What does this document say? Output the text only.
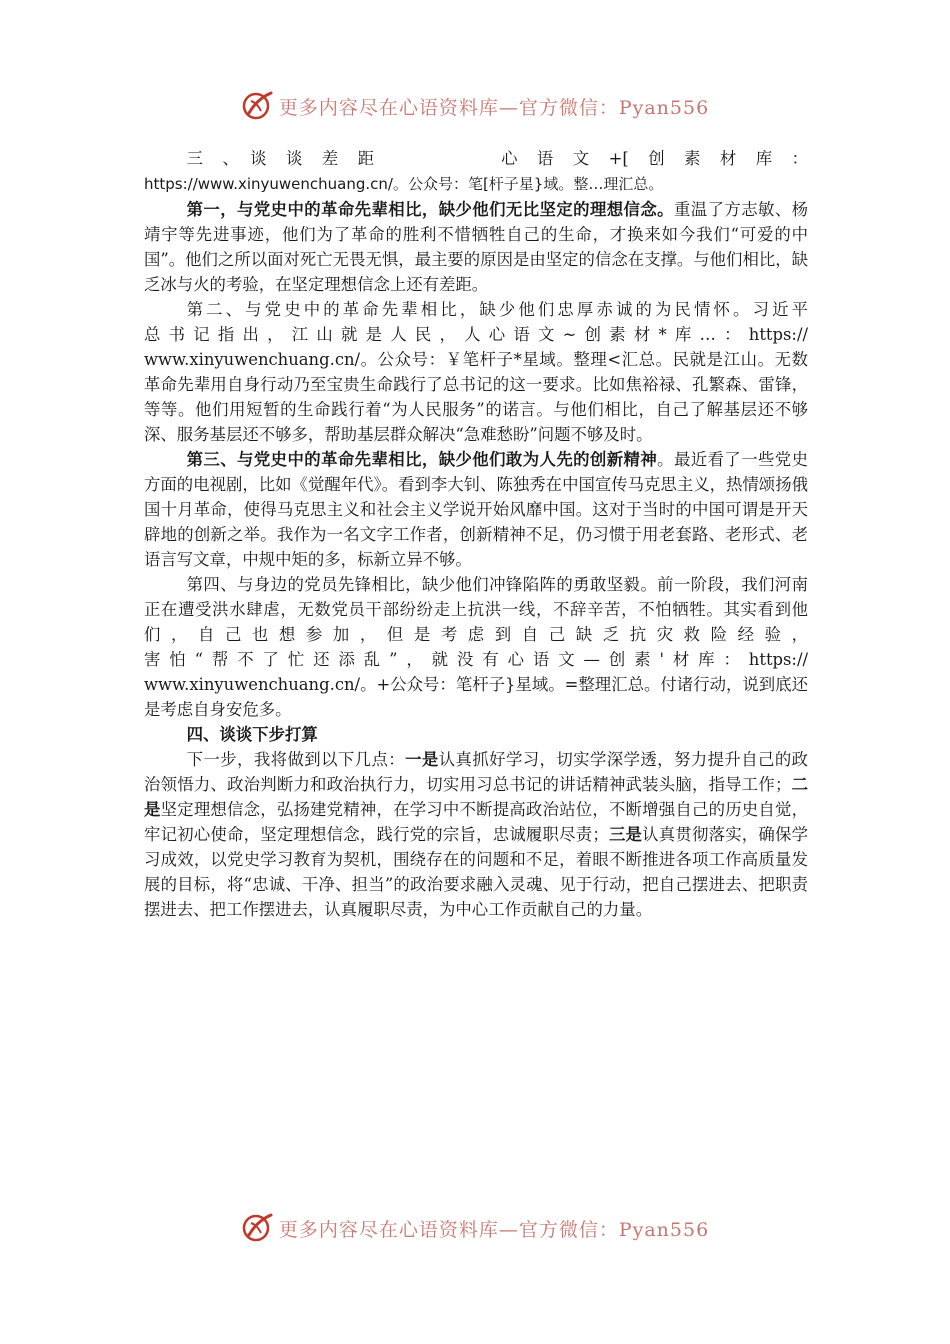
更多内容尽在心语资料库—官方微信：Pyan556

三　、　谈　谈　差　距　　　　　　　心　语　文　+[　创　素　材　库　：

https://www.xinyuwenchuang.cn/。公众号：笔[杆子星}域。整…理汇总。

第一，与党史中的革命先辈相比，缺少他们无比坚定的理想信念。重温了方志敏、杨靖宇等先进事迹，他们为了革命的胜利不惜牺牲自己的生命，才换来如今我们“可爱的中国”。他们之所以面对死亡无畏无惧，最主要的原因是由坚定的信念在支撑。与他们相比，缺乏冰与火的考验，在坚定理想信念上还有差距。

第二、与党史中的革命先辈相比，缺少他们忠厚赤诚的为民情怀。习近平

总书记指出，江山就是人民，人心语文~创素材*库…：https://

www.xinyuwenchuang.cn/。公众号：￥笔杆子*星域。整理<汇总。民就是江山。无数革命先辈用自身行动乃至宝贵生命践行了总书记的这一要求。比如焦裕禄、孔繁森、雷锋，等等。他们用短暂的生命践行着“为人民服务”的诺言。与他们相比，自己了解基层还不够深、服务基层还不够多，帮助基层群众解决“急难愁盼”问题不够及时。

第三、与党史中的革命先辈相比，缺少他们敢为人先的创新精神。最近看了一些党史方面的电视剧，比如《觉醒年代》。看到李大钊、陈独秀在中国宣传马克思主义，热情颂扬俄国十月革命，使得马克思主义和社会主义学说开始风靡中国。这对于当时的中国可谓是开天辟地的创新之举。我作为一名文字工作者，创新精神不足，仍习惯于用老套路、老形式、老语言写文章，中规中矩的多，标新立异不够。

第四、与身边的党员先锋相比，缺少他们冲锋陷阵的勇敢坚毅。前一阶段，我们河南正在遭受洪水肆虐，无数党员干部纷纷走上抗洪一线，不辞辛苦，不怕牺牲。其实看到他们，自己也想参加，但是考虑到自己缺乏抗灾救险经验，

害怕“帮不了忙还添乱”，就没有心语文—创素'材库：https://

www.xinyuwenchuang.cn/。+公众号：笔杆子}星域。=整理汇总。付诸行动，说到底还是考虑自身安危多。

四、谈谈下步打算

下一步，我将做到以下几点：一是认真抓好学习，切实学深学透，努力提升自己的政治领悟力、政治判断力和政治执行力，切实用习总书记的讲话精神武装头脑，指导工作；二是坚定理想信念，弘扬建党精神，在学习中不断提高政治站位，不断增强自己的历史自觉，牢记初心使命，坚定理想信念，践行党的宗旨，忠诚履职尽责；三是认真贯彻落实，确保学习成效，以党史学习教育为契机，围绕存在的问题和不足，着眼不断推进各项工作高质量发展的目标，将“忠诚、干净、担当”的政治要求融入灵魂、见于行动，把自己摆进去、把职责摆进去、把工作摆进去，认真履职尽责，为中心工作贡献自己的力量。

更多内容尽在心语资料库—官方微信：Pyan556
